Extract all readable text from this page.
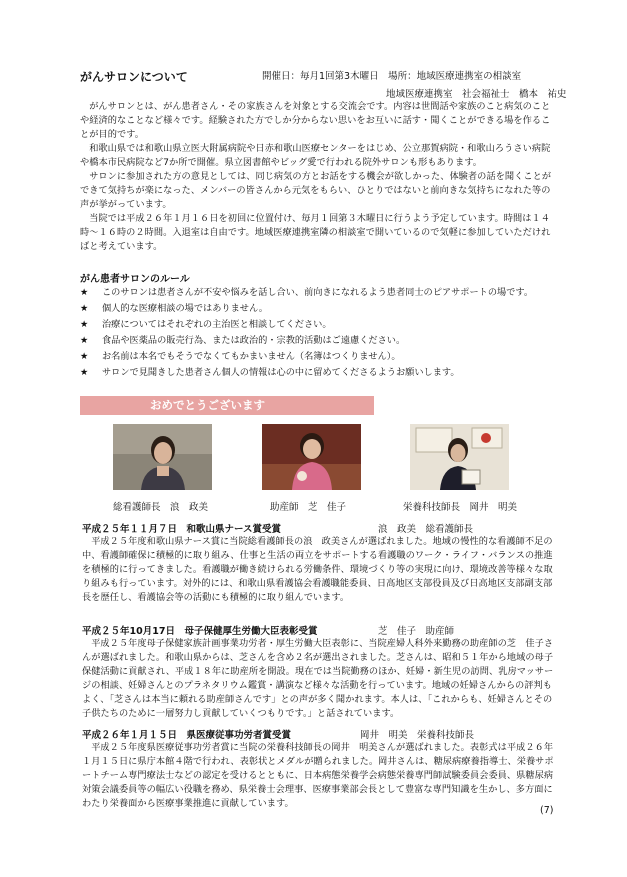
がんサロンについて	開催日：毎月1回第3木曜日　場所：地域医療連携室の相談室
地域医療連携室　社会福祉士　橋本　祐史

がんサロンとは、がん患者さん・その家族さんを対象とする交流会です。内容は世間話や家族のこと病気のことや経済的なことなど様々です。経験された方でしか分からない思いをお互いに話す・聞くことができる場を作ることが目的です。

和歌山県では和歌山県立医大附属病院や日赤和歌山医療センターをはじめ、公立那賀病院・和歌山ろうさい病院や橋本市民病院など7か所で開催。県立図書館やビッグ愛で行われる院外サロンも形もあります。

サロンに参加された方の意見としては、同じ病気の方とお話をする機会が欲しかった、体験者の話を聞くことができて気持ちが楽になった、メンバーの皆さんから元気をもらい、ひとりではないと前向きな気持ちになれた等の声が挙がっています。

当院では平成２６年１月１６日を初回に位置付け、毎月１回第３木曜日に行うよう予定しています。時間は１４時～１６時の２時間。入退室は自由です。地域医療連携室隣の相談室で開いているので気軽に参加していただければと考えています。

がん患者サロンのルール
★ このサロンは患者さんが不安や悩みを話し合い、前向きになれるよう患者同士のピアサポートの場です。
★ 個人的な医療相談の場ではありません。
★ 治療についてはそれぞれの主治医と相談してください。
★ 食品や医薬品の販売行為、または政治的・宗教的活動はご遠慮ください。
★ お名前は本名でもそうでなくてもかまいません（名簿はつくりません）。
★ サロンで見聞きした患者さん個人の情報は心の中に留めてくださるようお願いします。
おめでとうございます
総看護師長　浪　政美	助産師　芝　佳子	栄養科技師長　岡井　明美
平成２５年１１月７日　和歌山県ナース賞受賞	浪　政美　総看護師長

平成２５年度和歌山県ナース賞に当院総看護師長の浪　政美さんが選ばれました。地域の慢性的な看護師不足の中、看護師確保に積極的に取り組み、仕事と生活の両立をサポートする看護職のワーク・ライフ・バランスの推進を積極的に行ってきました。看護職が働き続けられる労働条件、環境づくり等の実現に向け、環境改善等様々な取り組みも行っています。対外的には、和歌山県看護協会看護職能委員、日高地区支部役員及び日高地区支部副支部長を歴任し、看護協会等の活動にも積極的に取り組んでいます。

平成２５年10月17日　母子保健厚生労働大臣表彰受賞	芝　佳子　助産師

平成２５年度母子保健家族計画事業功労者・厚生労働大臣表彰に、当院産婦人科外来勤務の助産師の芝　佳子さんが選ばれました。和歌山県からは、芝さんを含め２名が選出されました。芝さんは、昭和５１年から地域の母子保健活動に貢献され、平成１８年に助産所を開設。現在では当院勤務のほか、妊婦・新生児の訪問、乳房マッサージの相談、妊婦さんとのプラネタリウム鑑賞・講演など様々な活動を行っています。地域の妊婦さんからの評判もよく、「芝さんは本当に頼れる助産師さんです」との声が多く聞かれます。本人は、「これからも、妊婦さんとその子供たちのために一層努力し貢献していくつもりです。」と話されています。

平成２６年１月１５日　県医療従事功労者賞受賞	岡井　明美　栄養科技師長

平成２５年度県医療従事功労者賞に当院の栄養科技師長の岡井　明美さんが選ばれました。表彰式は平成２６年１月１５日に県庁本館４階で行われ、表彰状とメダルが贈られました。岡井さんは、糖尿病療養指導士、栄養サポートチーム専門療法士などの認定を受けるとともに、日本病態栄養学会病態栄養専門師試験委員会委員、県糖尿病対策会議委員等の幅広い役職を務め、県栄養士会理事、医療事業部会長として豊富な専門知識を生かし、多方面にわたり栄養面から医療事業推進に貢献しています。

(7)
